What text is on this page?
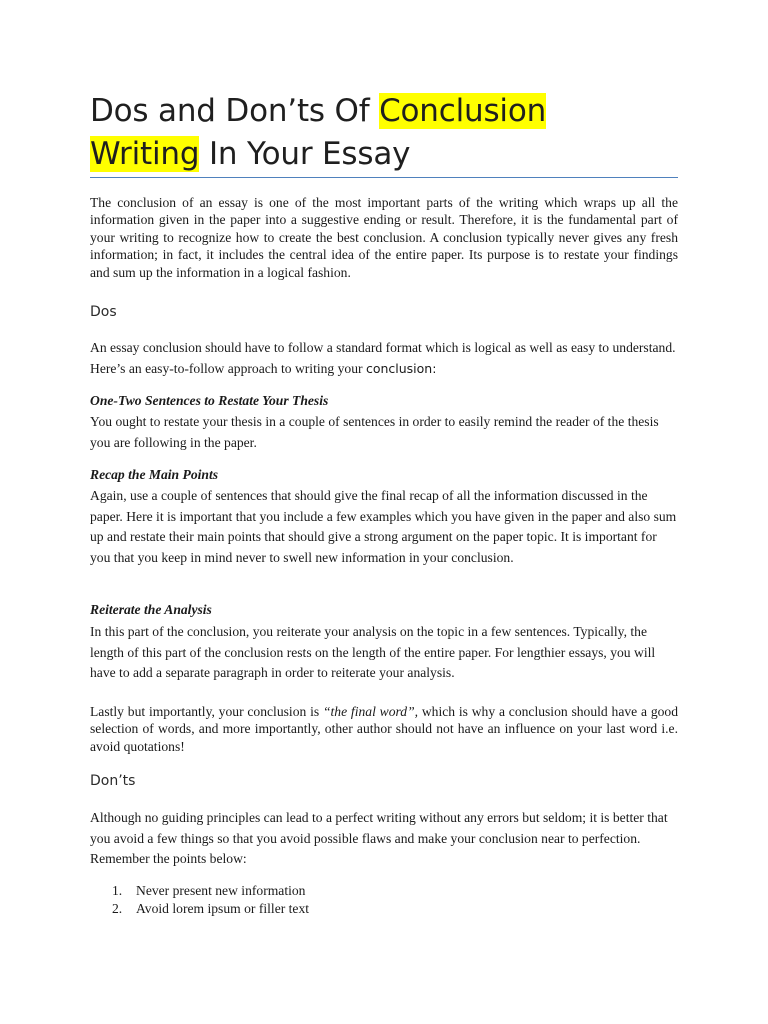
Dos and Don’ts Of Conclusion
Writing In Your Essay

The conclusion of an essay is one of the most important parts of the writing which wraps up all the information given in the paper into a suggestive ending or result. Therefore, it is the fundamental part of your writing to recognize how to create the best conclusion. A conclusion typically never gives any fresh information; in fact, it includes the central idea of the entire paper. Its purpose is to restate your findings and sum up the information in a logical fashion.

Dos

An essay conclusion should have to follow a standard format which is logical as well as easy to understand. Here’s an easy-to-follow approach to writing your conclusion:

One-Two Sentences to Restate Your Thesis

You ought to restate your thesis in a couple of sentences in order to easily remind the reader of the thesis you are following in the paper.

Recap the Main Points

Again, use a couple of sentences that should give the final recap of all the information discussed in the paper. Here it is important that you include a few examples which you have given in the paper and also sum up and restate their main points that should give a strong argument on the paper topic. It is important for you that you keep in mind never to swell new information in your conclusion.

Reiterate the Analysis

In this part of the conclusion, you reiterate your analysis on the topic in a few sentences. Typically, the length of this part of the conclusion rests on the length of the entire paper. For lengthier essays, you will have to add a separate paragraph in order to reiterate your analysis.

Lastly but importantly, your conclusion is “the final word”, which is why a conclusion should have a good selection of words, and more importantly, other author should not have an influence on your last word i.e. avoid quotations!

Don’ts

Although no guiding principles can lead to a perfect writing without any errors but seldom; it is better that you avoid a few things so that you avoid possible flaws and make your conclusion near to perfection. Remember the points below:

1.	Never present new information
2.	Avoid lorem ipsum or filler text
